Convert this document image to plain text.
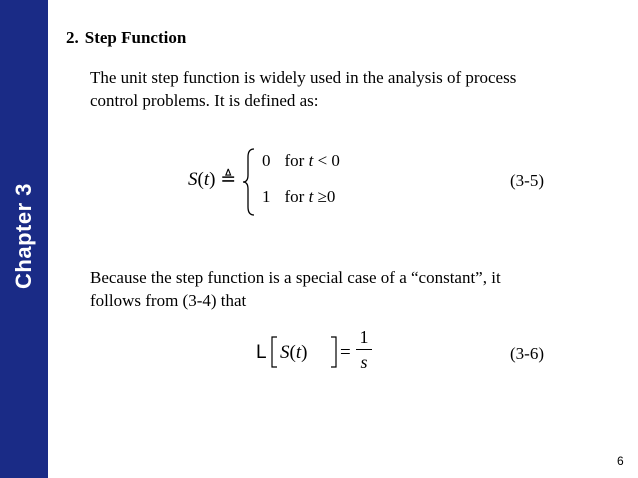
Chapter 3
2. Step Function
The unit step function is widely used in the analysis of process
control problems. It is defined as:
S(t) ≜
0 for t < 0
1 for t ≥0
(3-5)
Because the step function is a special case of a “constant”, it
follows from (3-4) that
L S(t) =
1
s	(3-6)
6
